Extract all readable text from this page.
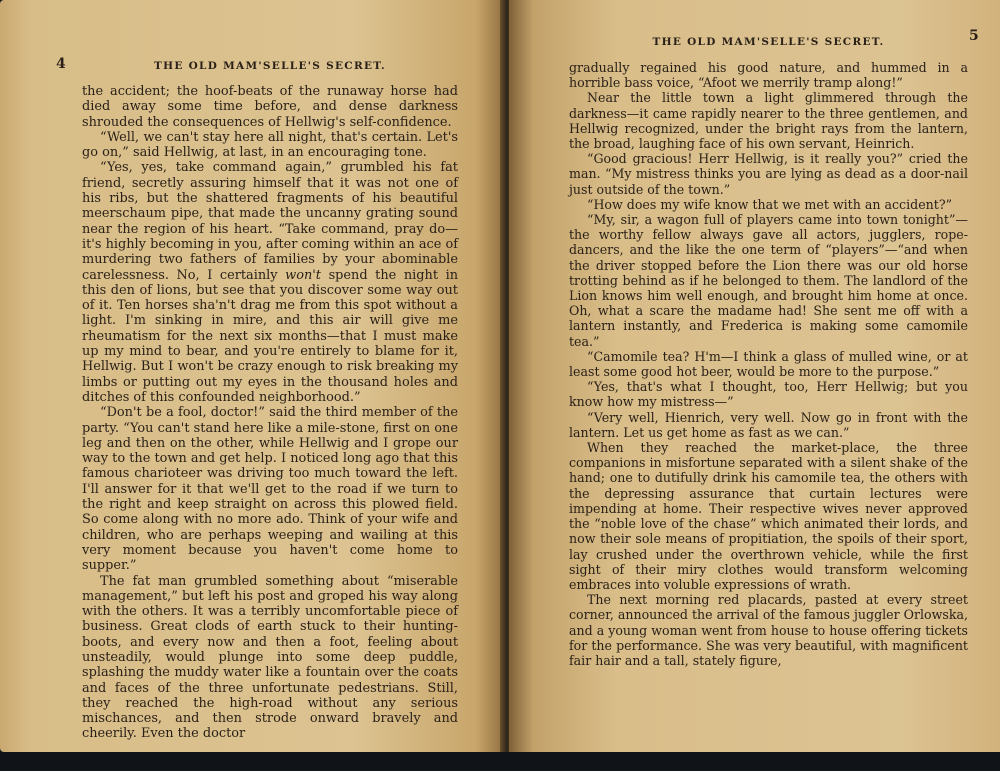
4	THE OLD MAM'SELLE'S SECRET.

the accident; the hoof-beats of the runaway horse had died away some time before, and dense darkness shrouded the consequences of Hellwig's self-confidence.

“Well, we can't stay here all night, that's certain. Let's go on,” said Hellwig, at last, in an encouraging tone.

“Yes, yes, take command again,” grumbled his fat friend, secretly assuring himself that it was not one of his ribs, but the shattered fragments of his beautiful meerschaum pipe, that made the uncanny grating sound near the region of his heart. “Take command, pray do—it's highly becoming in you, after coming within an ace of murdering two fathers of families by your abominable carelessness. No, I certainly won't spend the night in this den of lions, but see that you discover some way out of it. Ten horses sha'n't drag me from this spot without a light. I'm sinking in mire, and this air will give me rheumatism for the next six months—that I must make up my mind to bear, and you're entirely to blame for it, Hellwig. But I won't be crazy enough to risk breaking my limbs or putting out my eyes in the thousand holes and ditches of this confounded neighborhood.”

“Don't be a fool, doctor!” said the third member of the party. “You can't stand here like a mile-stone, first on one leg and then on the other, while Hellwig and I grope our way to the town and get help. I noticed long ago that this famous charioteer was driving too much toward the left. I'll answer for it that we'll get to the road if we turn to the right and keep straight on across this plowed field. So come along with no more ado. Think of your wife and children, who are perhaps weeping and wailing at this very moment because you haven't come home to supper.”

The fat man grumbled something about “miserable management,” but left his post and groped his way along with the others. It was a terribly uncomfortable piece of business. Great clods of earth stuck to their hunting-boots, and every now and then a foot, feeling about unsteadily, would plunge into some deep puddle, splashing the muddy water like a fountain over the coats and faces of the three unfortunate pedestrians. Still, they reached the high-road without any serious mischances, and then strode onward bravely and cheerily. Even the doctor

THE OLD MAM'SELLE'S SECRET.	5

gradually regained his good nature, and hummed in a horrible bass voice, “Afoot we merrily tramp along!”

Near the little town a light glimmered through the darkness—it came rapidly nearer to the three gentlemen, and Hellwig recognized, under the bright rays from the lantern, the broad, laughing face of his own servant, Heinrich.

“Good gracious! Herr Hellwig, is it really you?” cried the man. “My mistress thinks you are lying as dead as a door-nail just outside of the town.”

“How does my wife know that we met with an accident?”

“My, sir, a wagon full of players came into town tonight”—the worthy fellow always gave all actors, jugglers, rope-dancers, and the like the one term of “players”—“and when the driver stopped before the Lion there was our old horse trotting behind as if he belonged to them. The landlord of the Lion knows him well enough, and brought him home at once. Oh, what a scare the madame had! She sent me off with a lantern instantly, and Frederica is making some camomile tea.”

“Camomile tea? H'm—I think a glass of mulled wine, or at least some good hot beer, would be more to the purpose.”

“Yes, that's what I thought, too, Herr Hellwig; but you know how my mistress—”

“Very well, Hienrich, very well. Now go in front with the lantern. Let us get home as fast as we can.”

When they reached the market-place, the three companions in misfortune separated with a silent shake of the hand; one to dutifully drink his camomile tea, the others with the depressing assurance that curtain lectures were impending at home. Their respective wives never approved the “noble love of the chase” which animated their lords, and now their sole means of propitiation, the spoils of their sport, lay crushed under the overthrown vehicle, while the first sight of their miry clothes would transform welcoming embraces into voluble expressions of wrath.

The next morning red placards, pasted at every street corner, announced the arrival of the famous juggler Orlowska, and a young woman went from house to house offering tickets for the performance. She was very beautiful, with magnificent fair hair and a tall, stately figure,
